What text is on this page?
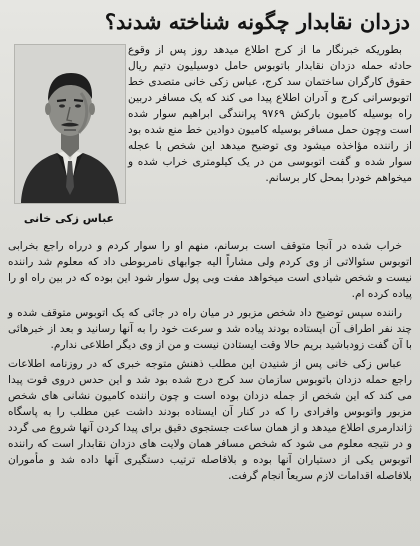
دزدان نقابدار چگونه شناخته شدند؟
عباس زکی خانی

بطوریکه خبرنگار ما از کرج اطلاع میدهد روز پس از وقوع حادثه حمله دزدان نقابدار باتوبوس حامل دوسیلیون دتیم ریال حقوق کارگران ساختمان سد کرج، عباس زکی خانی متصدی خط اتوبوسرانی کرج و آدران اطلاع پیدا می کند که یک مسافر دربین راه بوسیله کامیون بارکش ۹۷۶۹ پرانندگی ابراهیم سوار شده است وچون حمل مسافر بوسیله کامیون دوادین خط منع شده بود از راننده مؤاخذه میشود وی توضیح میدهد این شخص با عجله سوار شده و گفت اتوبوسی من در یک کیلومتری خراب شده و میخواهم خودرا بمحل کار برسانم.

خراب شده در آنجا متوقف است برسانم، منهم او را سوار کردم و درراه راجع بخرابی اتوبوس سئوالاتی از وی کردم ولی مشاراً الیه جوابهای نامربوطی داد که معلوم شد راننده نیست و شخص شیادی است میخواهد مفت وبی پول سوار شود این بوده که در بین راه او را پیاده کرده ام.

راننده سپس توضیح داد شخص مزبور در میان راه در جائی که یک اتوبوس متوقف شده و چند نفر اطراف آن ایستاده بودند پیاده شد و سرعت خود را به آنها رسانید و بعد از خبرهائی با آن گفت زودباشید بریم حالا وقت ایستادن نیست و من از وی دیگر اطلاعی ندارم.

عباس زکی خانی پس از شنیدن این مطلب ذهنش متوجه خبری که در روزنامه اطلاعات راجع حمله دزدان باتوبوس سازمان سد کرج درج شده بود شد و این حدس دروی قوت پیدا می کند که این شخص از جمله دزدان بوده است و چون راننده کامیون نشانی های شخص مزبور واتوبوس وافرادی را که در کنار آن ایستاده بودند داشت عین مطلب را به پاسگاه ژاندارمری اطلاع میدهد و از همان ساعت جستجوی دقیق برای پیدا کردن آنها شروع می گردد و در نتیجه معلوم می شود که شخص مسافر همان ولایت های دزدان نقابدار است که راننده اتوبوس یکی از دستیاران آنها بوده و بلافاصله ترتیب دستگیری آنها داده شد و مأموران بلافاصله اقدامات لازم سریعاً انجام گرفت.
